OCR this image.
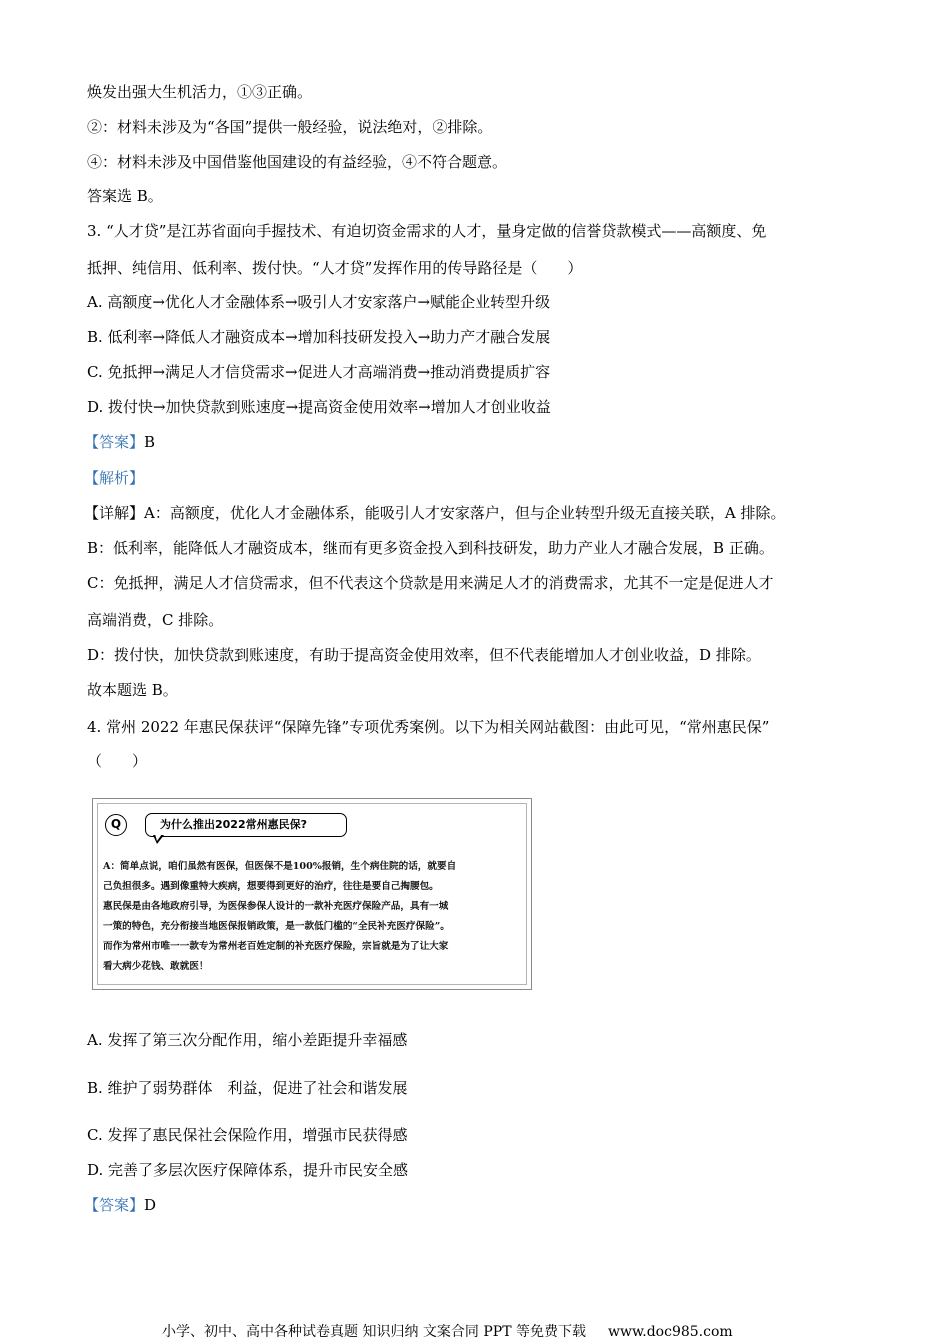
焕发出强大生机活力，①③正确。
②：材料未涉及为“各国”提供一般经验，说法绝对，②排除。
④：材料未涉及中国借鉴他国建设的有益经验，④不符合题意。
答案选 B。
3. “人才贷”是江苏省面向手握技术、有迫切资金需求的人才，量身定做的信誉贷款模式——高额度、免
抵押、纯信用、低利率、拨付快。“人才贷”发挥作用的传导路径是（　　）
A. 高额度→优化人才金融体系→吸引人才安家落户→赋能企业转型升级
B. 低利率→降低人才融资成本→增加科技研发投入→助力产才融合发展
C. 免抵押→满足人才信贷需求→促进人才高端消费→推动消费提质扩容
D. 拨付快→加快贷款到账速度→提高资金使用效率→增加人才创业收益
【答案】B
【解析】
【详解】A：高额度，优化人才金融体系，能吸引人才安家落户，但与企业转型升级无直接关联，A 排除。
B：低利率，能降低人才融资成本，继而有更多资金投入到科技研发，助力产业人才融合发展，B 正确。
C：免抵押，满足人才信贷需求，但不代表这个贷款是用来满足人才的消费需求，尤其不一定是促进人才
高端消费，C 排除。
D：拨付快，加快贷款到账速度，有助于提高资金使用效率，但不代表能增加人才创业收益，D 排除。
故本题选 B。
4. 常州 2022 年惠民保获评“保障先锋”专项优秀案例。以下为相关网站截图：由此可见，“常州惠民保”
（　　）
Q	为什么推出2022常州惠民保?
A：简单点说，咱们虽然有医保，但医保不是100%报销，生个病住院的话，就要自
己负担很多。遇到像重特大疾病，想要得到更好的治疗，往往是要自己掏腰包。
惠民保是由各地政府引导，为医保参保人设计的一款补充医疗保险产品，具有一城
一策的特色，充分衔接当地医保报销政策，是一款低门槛的“全民补充医疗保险”。
而作为常州市唯一一款专为常州老百姓定制的补充医疗保险，宗旨就是为了让大家
看大病少花钱、敢就医！
A. 发挥了第三次分配作用，缩小差距提升幸福感
B. 维护了弱势群体　利益，促进了社会和谐发展
C. 发挥了惠民保社会保险作用，增强市民获得感
D. 完善了多层次医疗保障体系，提升市民安全感
【答案】D
小学、初中、高中各种试卷真题 知识归纳 文案合同 PPT 等免费下载 www.doc985.com
